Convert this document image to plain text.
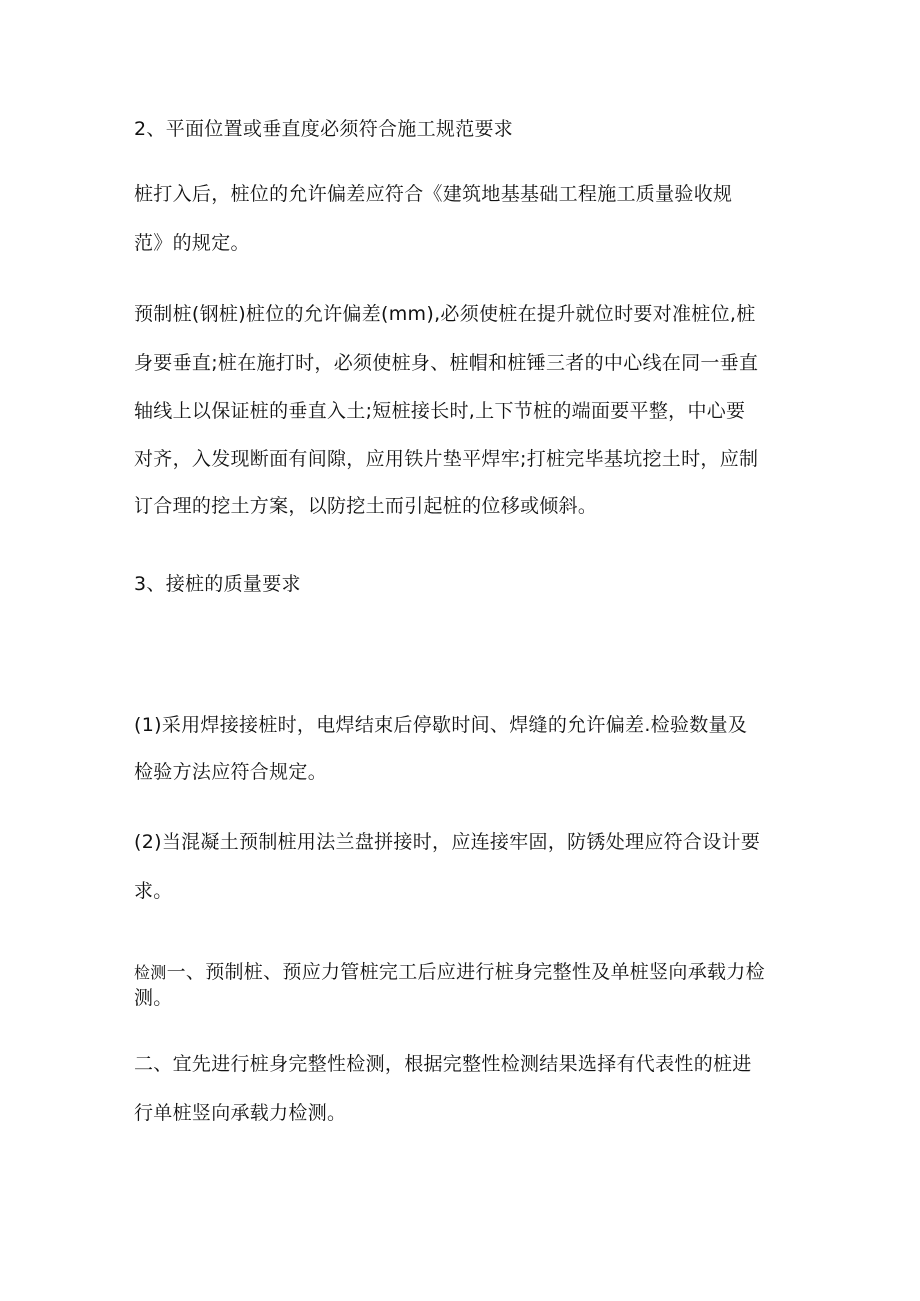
2、平面位置或垂直度必须符合施工规范要求
桩打入后，桩位的允许偏差应符合《建筑地基基础工程施工质量验收规
范》的规定。
预制桩(钢桩)桩位的允许偏差(mm),必须使桩在提升就位时要对准桩位,桩
身要垂直;桩在施打时，必须使桩身、桩帽和桩锤三者的中心线在同一垂直
轴线上以保证桩的垂直入土;短桩接长时,上下节桩的端面要平整，中心要
对齐，入发现断面有间隙，应用铁片垫平焊牢;打桩完毕基坑挖土时，应制
订合理的挖土方案，以防挖土而引起桩的位移或倾斜。
3、接桩的质量要求
(1)采用焊接接桩时，电焊结束后停歇时间、焊缝的允许偏差.检验数量及
检验方法应符合规定。
(2)当混凝土预制桩用法兰盘拼接时，应连接牢固，防锈处理应符合设计要
求。
检测一、预制桩、预应力管桩完工后应进行桩身完整性及单桩竖向承载力检
测。
二、宜先进行桩身完整性检测，根据完整性检测结果选择有代表性的桩进
行单桩竖向承载力检测。
